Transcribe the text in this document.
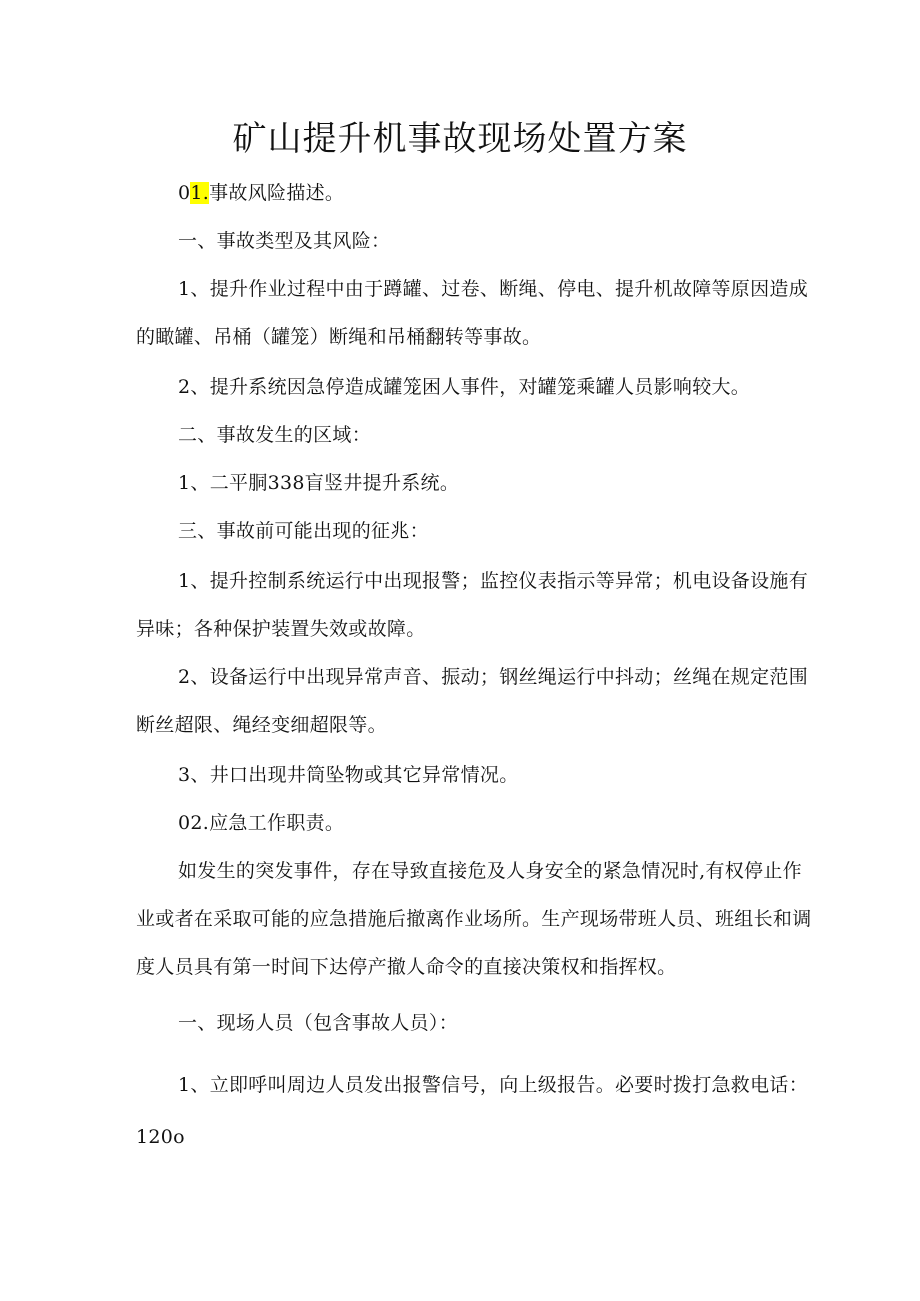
矿山提升机事故现场处置方案
01.事故风险描述。
一、事故类型及其风险：
1、提升作业过程中由于蹲罐、过卷、断绳、停电、提升机故障等原因造成
的瞰罐、吊桶（罐笼）断绳和吊桶翻转等事故。
2、提升系统因急停造成罐笼困人事件，对罐笼乘罐人员影响较大。
二、事故发生的区域：
1、二平胴338盲竖井提升系统。
三、事故前可能出现的征兆：
1、提升控制系统运行中出现报警；监控仪表指示等异常；机电设备设施有
异味；各种保护装置失效或故障。
2、设备运行中出现异常声音、振动；钢丝绳运行中抖动；丝绳在规定范围
断丝超限、绳经变细超限等。
3、井口出现井筒坠物或其它异常情况。
02.应急工作职责。
如发生的突发事件，存在导致直接危及人身安全的紧急情况时,有权停止作
业或者在采取可能的应急措施后撤离作业场所。生产现场带班人员、班组长和调
度人员具有第一时间下达停产撤人命令的直接决策权和指挥权。
一、现场人员（包含事故人员）：
1、立即呼叫周边人员发出报警信号，向上级报告。必要时拨打急救电话：
120o
